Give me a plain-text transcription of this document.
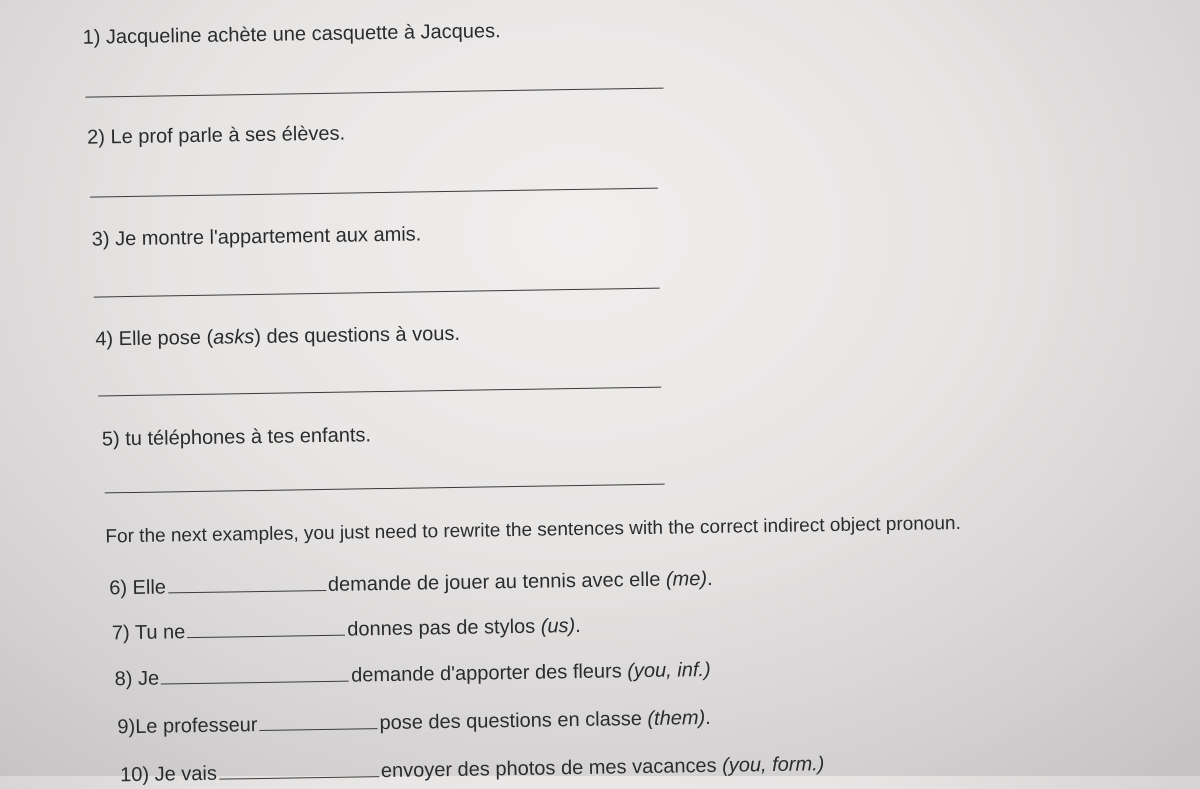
1) Jacqueline achète une casquette à Jacques.
2) Le prof parle à ses élèves.
3) Je montre l'appartement aux amis.
4) Elle pose (asks) des questions à vous.
5) tu téléphones à tes enfants.
For the next examples, you just need to rewrite the sentences with the correct indirect object pronoun.
6) Elle	demande de jouer au tennis avec elle (me).
7) Tu ne	donnes pas de stylos (us).
8) Je	demande d'apporter des fleurs (you, inf.)
9)Le professeur	pose des questions en classe (them).
10) Je vais	envoyer des photos de mes vacances (you, form.)
